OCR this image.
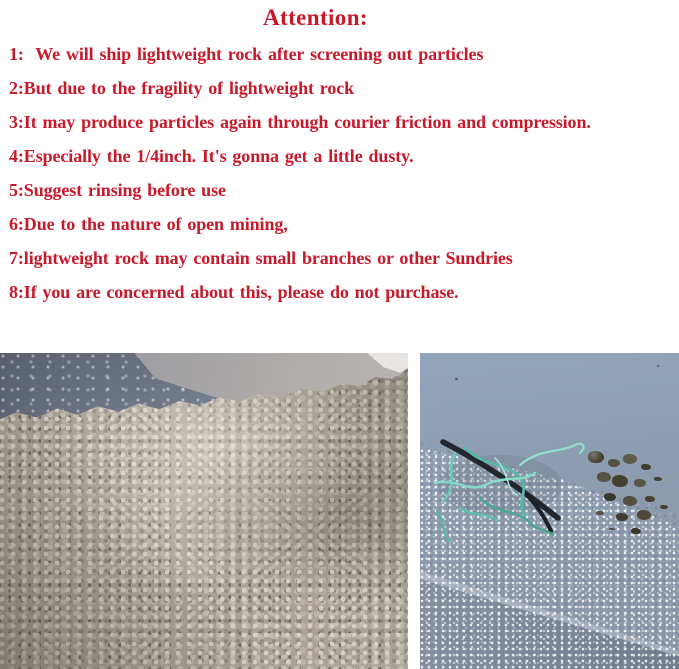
Attention:

1:  We will ship lightweight rock after screening out particles

2:But due to the fragility of lightweight rock

3:It may produce particles again through courier friction and compression.

4:Especially the 1/4inch. It's gonna get a little dusty.

5:Suggest rinsing before use

6:Due to the nature of open mining,

7:lightweight rock may contain small branches or other Sundries

8:If you are concerned about this, please do not purchase.
